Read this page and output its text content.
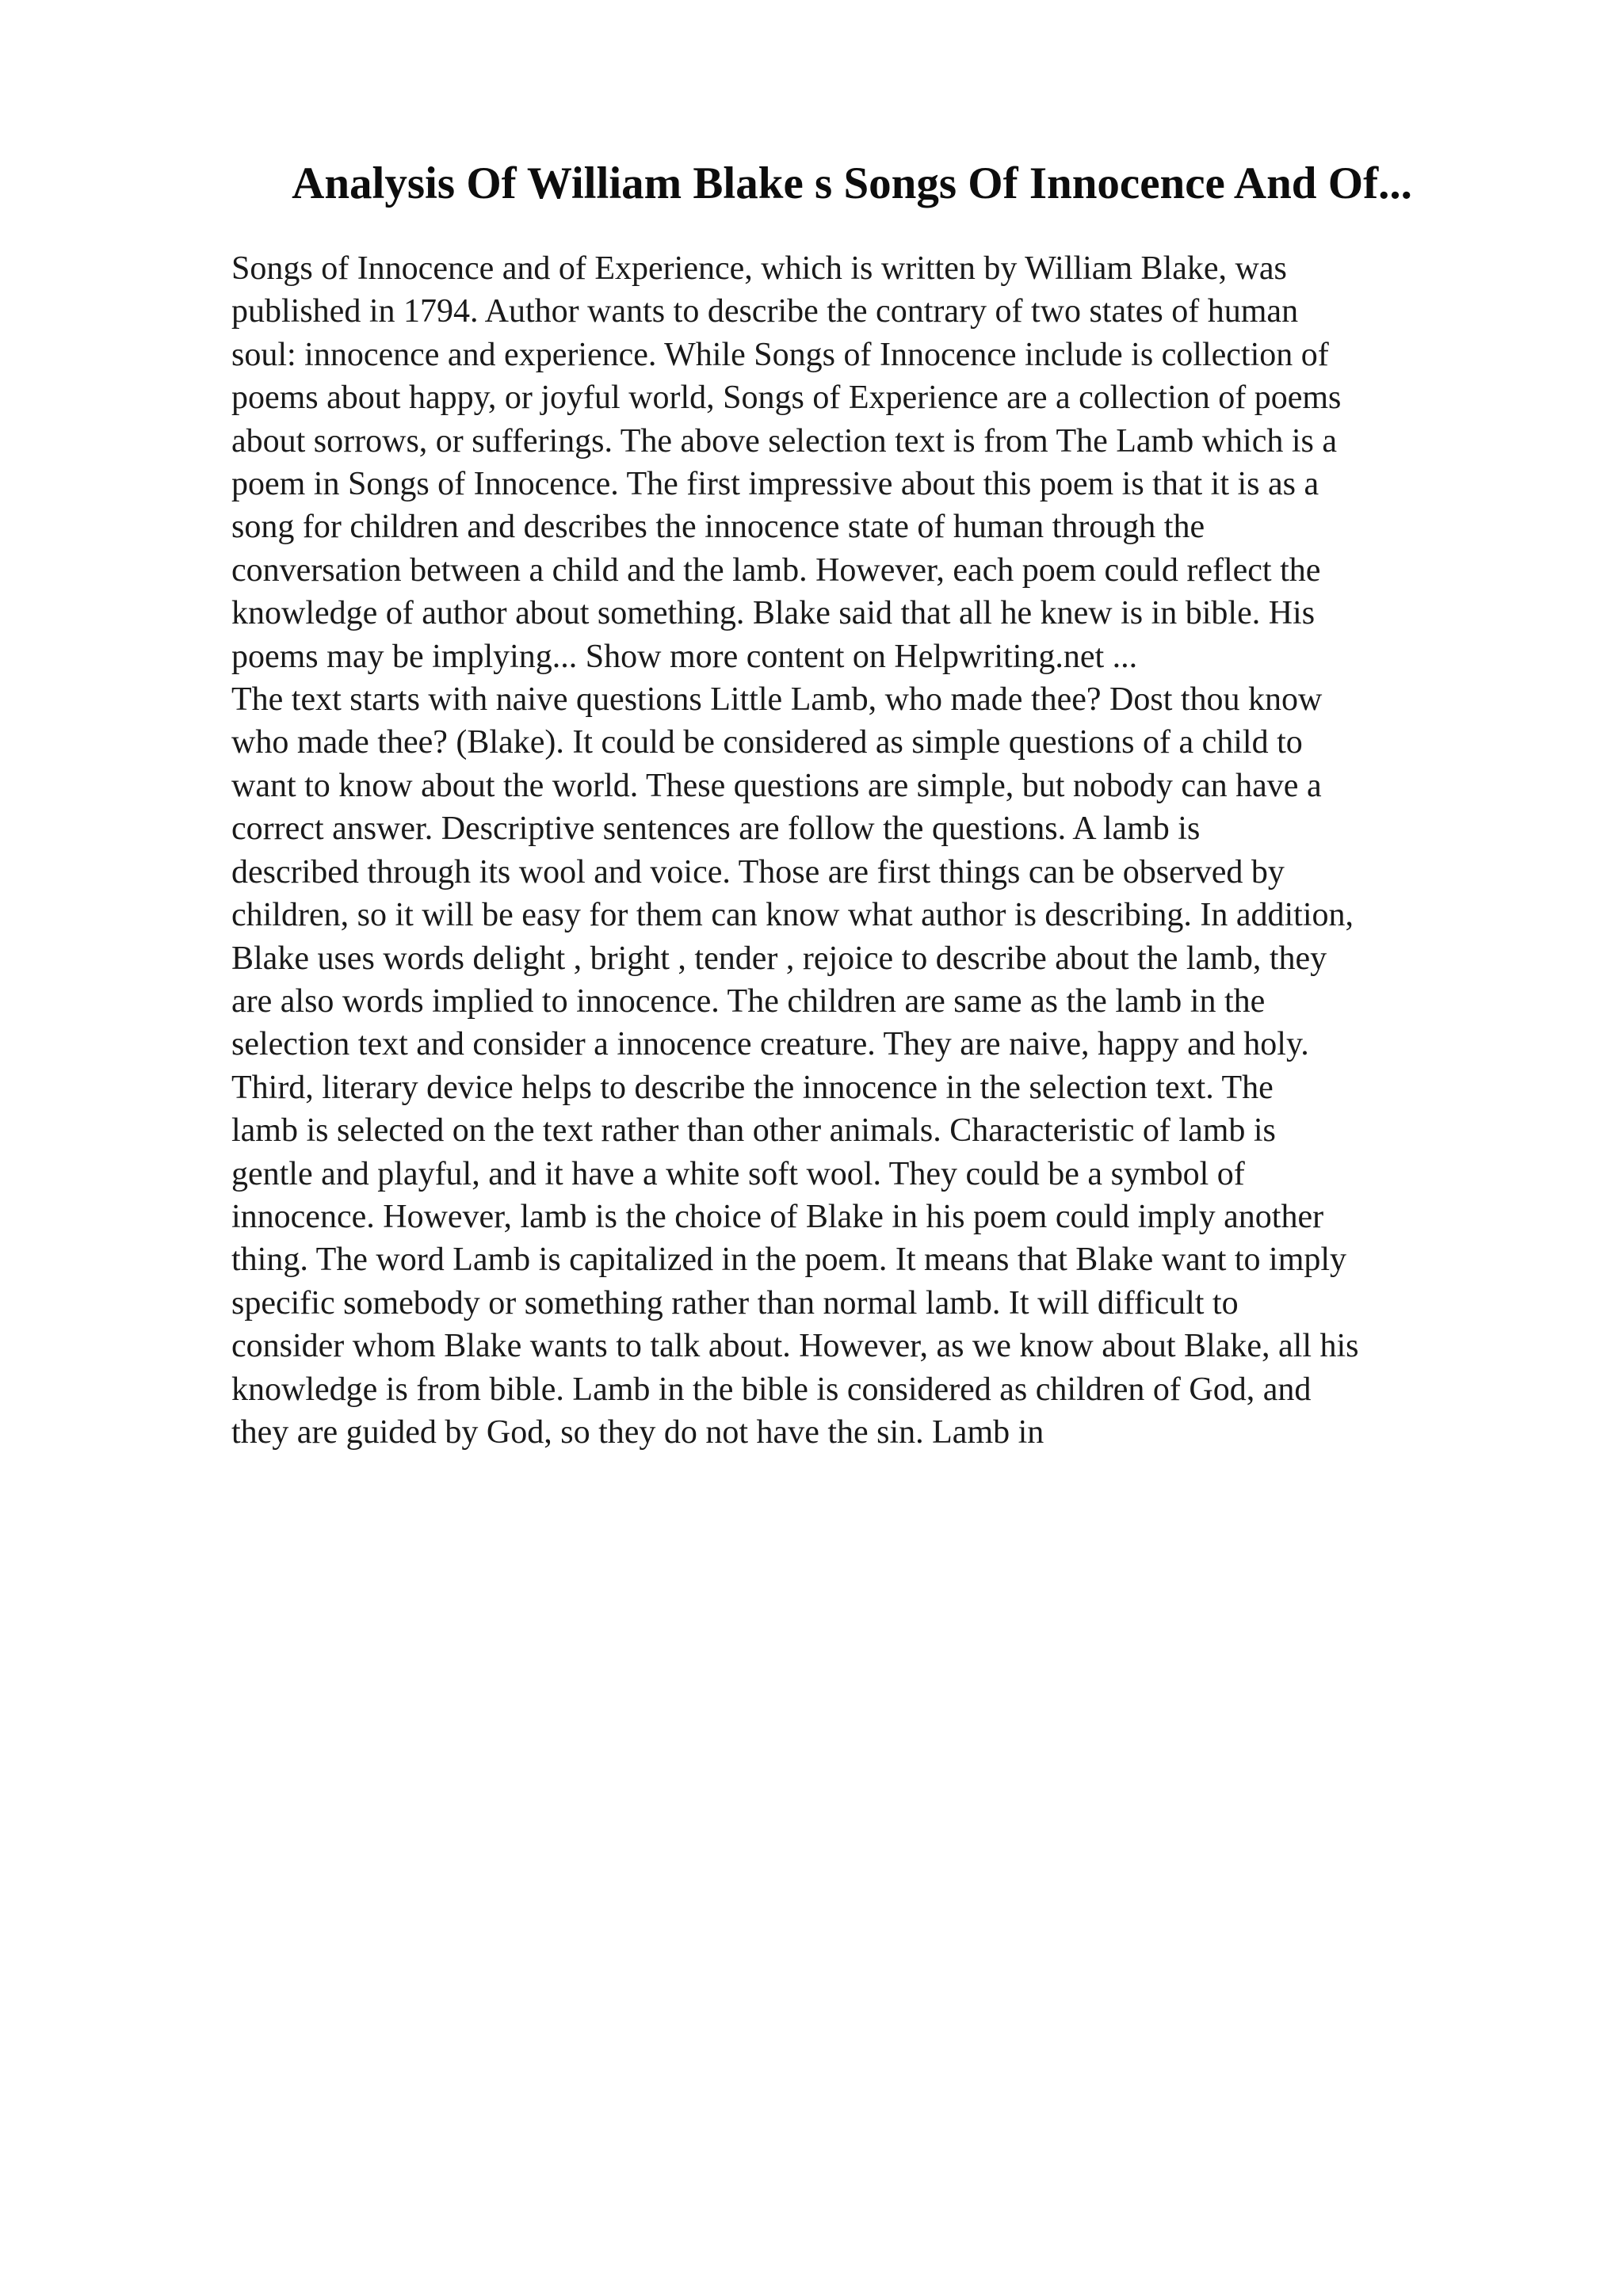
Analysis Of William Blake s Songs Of Innocence And Of...
Songs of Innocence and of Experience, which is written by William Blake, was
published in 1794. Author wants to describe the contrary of two states of human
soul: innocence and experience. While Songs of Innocence include is collection of
poems about happy, or joyful world, Songs of Experience are a collection of poems
about sorrows, or sufferings. The above selection text is from The Lamb which is a
poem in Songs of Innocence. The first impressive about this poem is that it is as a
song for children and describes the innocence state of human through the
conversation between a child and the lamb. However, each poem could reflect the
knowledge of author about something. Blake said that all he knew is in bible. His
poems may be implying... Show more content on Helpwriting.net ...
The text starts with naive questions Little Lamb, who made thee? Dost thou know
who made thee? (Blake). It could be considered as simple questions of a child to
want to know about the world. These questions are simple, but nobody can have a
correct answer. Descriptive sentences are follow the questions. A lamb is
described through its wool and voice. Those are first things can be observed by
children, so it will be easy for them can know what author is describing. In addition,
Blake uses words delight , bright , tender , rejoice to describe about the lamb, they
are also words implied to innocence. The children are same as the lamb in the
selection text and consider a innocence creature. They are naive, happy and holy.
Third, literary device helps to describe the innocence in the selection text. The
lamb is selected on the text rather than other animals. Characteristic of lamb is
gentle and playful, and it have a white soft wool. They could be a symbol of
innocence. However, lamb is the choice of Blake in his poem could imply another
thing. The word Lamb is capitalized in the poem. It means that Blake want to imply
specific somebody or something rather than normal lamb. It will difficult to
consider whom Blake wants to talk about. However, as we know about Blake, all his
knowledge is from bible. Lamb in the bible is considered as children of God, and
they are guided by God, so they do not have the sin. Lamb in
